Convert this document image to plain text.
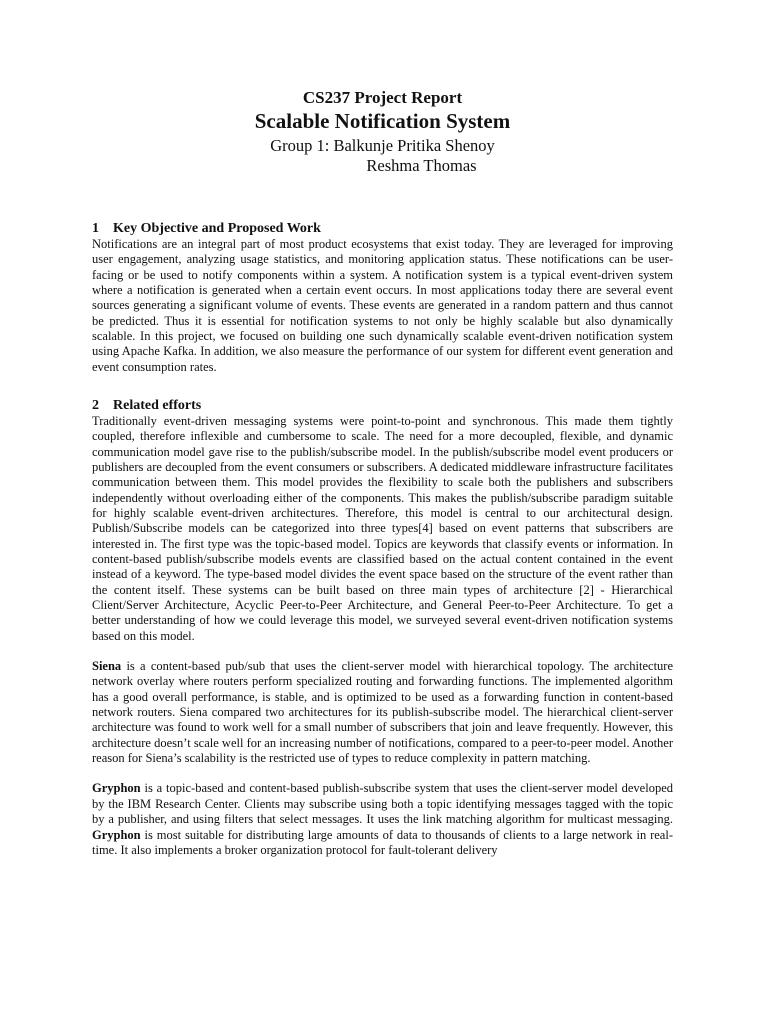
CS237 Project Report
Scalable Notification System
Group 1: Balkunje Pritika Shenoy
Reshma Thomas
1 Key Objective and Proposed Work

Notifications are an integral part of most product ecosystems that exist today. They are leveraged for improving user engagement, analyzing usage statistics, and monitoring application status. These notifications can be user-facing or be used to notify components within a system. A notification system is a typical event-driven system where a notification is generated when a certain event occurs. In most applications today there are several event sources generating a significant volume of events. These events are generated in a random pattern and thus cannot be predicted. Thus it is essential for notification systems to not only be highly scalable but also dynamically scalable. In this project, we focused on building one such dynamically scalable event-driven notification system using Apache Kafka. In addition, we also measure the performance of our system for different event generation and event consumption rates.

2 Related efforts

Traditionally event-driven messaging systems were point-to-point and synchronous. This made them tightly coupled, therefore inflexible and cumbersome to scale. The need for a more decoupled, flexible, and dynamic communication model gave rise to the publish/subscribe model. In the publish/subscribe model event producers or publishers are decoupled from the event consumers or subscribers. A dedicated middleware infrastructure facilitates communication between them. This model provides the flexibility to scale both the publishers and subscribers independently without overloading either of the components. This makes the publish/subscribe paradigm suitable for highly scalable event-driven architectures. Therefore, this model is central to our architectural design. Publish/Subscribe models can be categorized into three types[4] based on event patterns that subscribers are interested in. The first type was the topic-based model. Topics are keywords that classify events or information. In content-based publish/subscribe models events are classified based on the actual content contained in the event instead of a keyword. The type-based model divides the event space based on the structure of the event rather than the content itself. These systems can be built based on three main types of architecture [2] - Hierarchical Client/Server Architecture, Acyclic Peer-to-Peer Architecture, and General Peer-to-Peer Architecture. To get a better understanding of how we could leverage this model, we surveyed several event-driven notification systems based on this model.

Siena is a content-based pub/sub that uses the client-server model with hierarchical topology. The architecture network overlay where routers perform specialized routing and forwarding functions. The implemented algorithm has a good overall performance, is stable, and is optimized to be used as a forwarding function in content-based network routers. Siena compared two architectures for its publish-subscribe model. The hierarchical client-server architecture was found to work well for a small number of subscribers that join and leave frequently. However, this architecture doesn’t scale well for an increasing number of notifications, compared to a peer-to-peer model. Another reason for Siena’s scalability is the restricted use of types to reduce complexity in pattern matching.

Gryphon is a topic-based and content-based publish-subscribe system that uses the client-server model developed by the IBM Research Center. Clients may subscribe using both a topic identifying messages tagged with the topic by a publisher, and using filters that select messages. It uses the link matching algorithm for multicast messaging. Gryphon is most suitable for distributing large amounts of data to thousands of clients to a large network in real-time. It also implements a broker organization protocol for fault-tolerant delivery
